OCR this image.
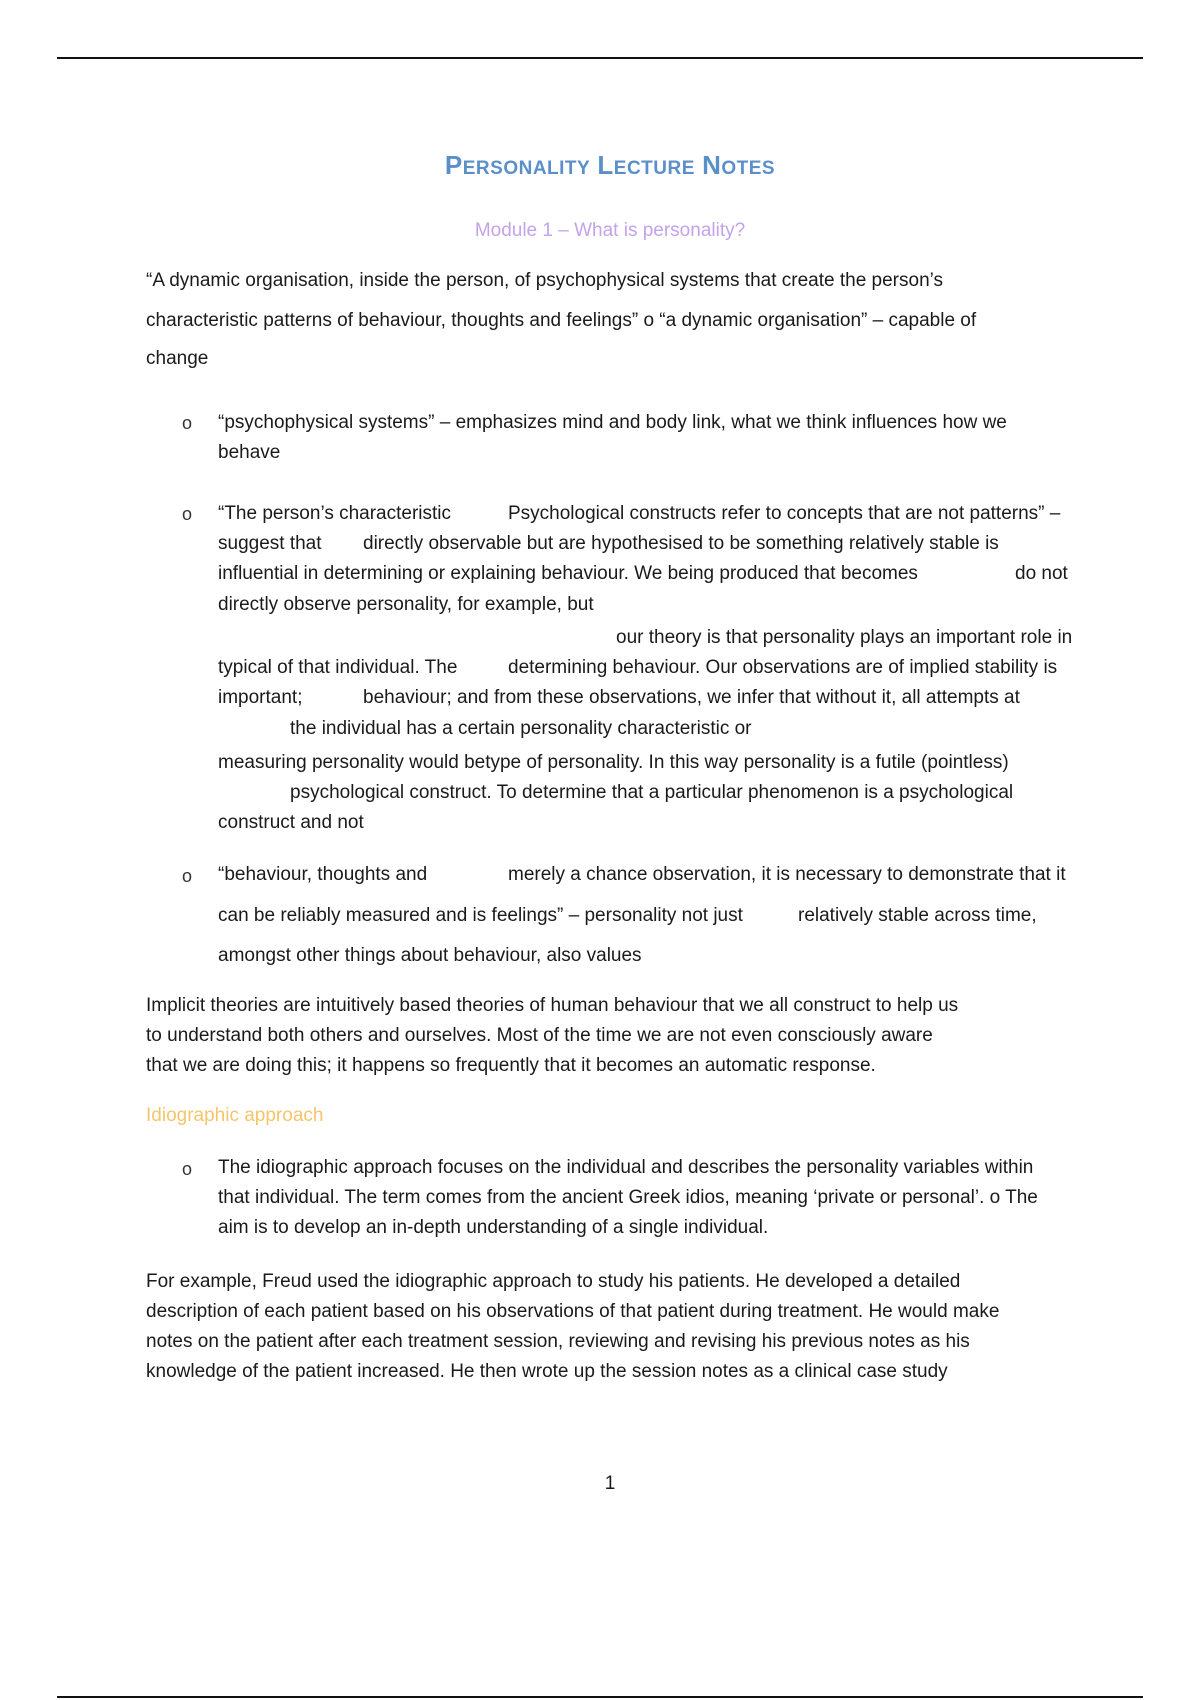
PERSONALITY LECTURE NOTES
Module 1 – What is personality?
“A dynamic organisation, inside the person, of psychophysical systems that create the person’s
characteristic patterns of behaviour, thoughts and feelings” o “a dynamic organisation” – capable of
change
o “psychophysical systems” – emphasizes mind and body link, what we think influences how we
behave
o “The person’s characteristic	Psychological constructs refer to concepts that are not patterns” –
suggest that directly observable but are hypothesised to be something relatively stable is
influential in determining or explaining behaviour. We being produced that becomes	do not
directly observe personality, for example, but
our theory is that personality plays an important role in
typical of that individual. The	determining behaviour. Our observations are of implied stability is
important;	behaviour; and from these observations, we infer that without it, all attempts at
the individual has a certain personality characteristic or
measuring personality would betype of personality. In this way personality is a futile (pointless)
psychological construct. To determine that a particular phenomenon is a psychological
construct and not
o “behaviour, thoughts and	merely a chance observation, it is necessary to demonstrate that it
can be reliably measured and is feelings” – personality not just	relatively stable across time,
amongst other things about behaviour, also values
Implicit theories are intuitively based theories of human behaviour that we all construct to help us
to understand both others and ourselves. Most of the time we are not even consciously aware
that we are doing this; it happens so frequently that it becomes an automatic response.
Idiographic approach
o The idiographic approach focuses on the individual and describes the personality variables within
that individual. The term comes from the ancient Greek idios, meaning ‘private or personal’. o The
aim is to develop an in-depth understanding of a single individual.
For example, Freud used the idiographic approach to study his patients. He developed a detailed
description of each patient based on his observations of that patient during treatment. He would make
notes on the patient after each treatment session, reviewing and revising his previous notes as his
knowledge of the patient increased. He then wrote up the session notes as a clinical case study
1
